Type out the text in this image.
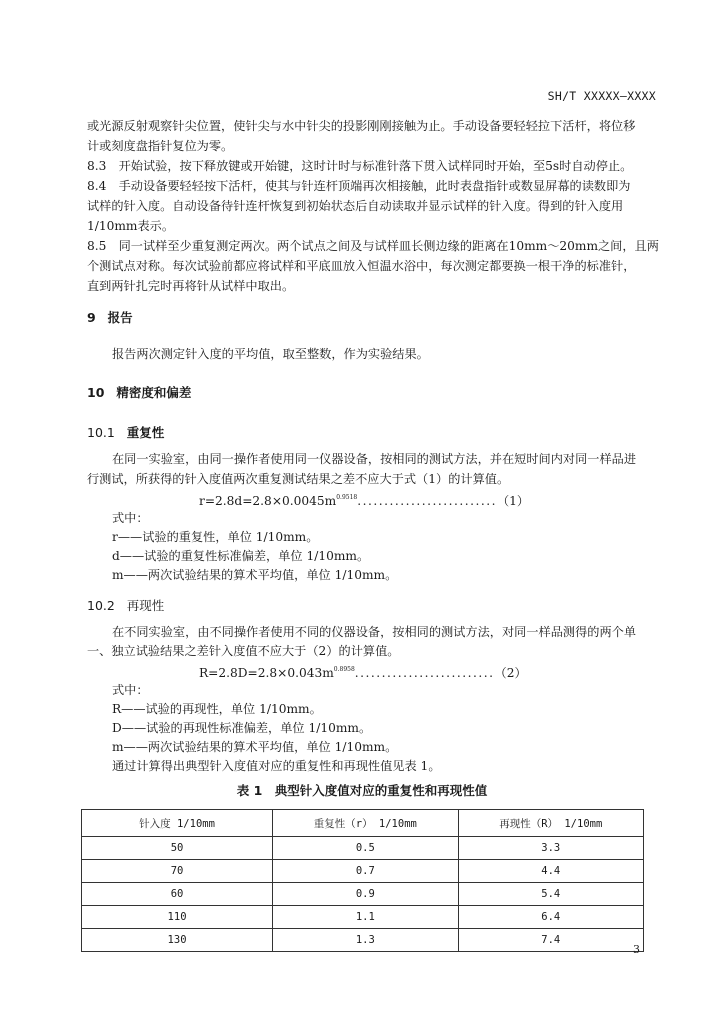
SH/T XXXXX—XXXX
或光源反射观察针尖位置，使针尖与水中针尖的投影刚刚接触为止。手动设备要轻轻拉下活杆，将位移
计或刻度盘指针复位为零。
8.3　开始试验，按下释放键或开始键，这时计时与标准针落下贯入试样同时开始，至5s时自动停止。
8.4　手动设备要轻轻按下活杆，使其与针连杆顶端再次相接触，此时表盘指针或数显屏幕的读数即为
试样的针入度。自动设备待针连杆恢复到初始状态后自动读取并显示试样的针入度。得到的针入度用
1/10mm表示。
8.5　同一试样至少重复测定两次。两个试点之间及与试样皿长侧边缘的距离在10mm～20mm之间，且两
个测试点对称。每次试验前都应将试样和平底皿放入恒温水浴中，每次测定都要换一根干净的标准针，
直到两针扎完时再将针从试样中取出。
9 报告
报告两次测定针入度的平均值，取至整数，作为实验结果。
10 精密度和偏差
10.1 重复性
在同一实验室，由同一操作者使用同一仪器设备，按相同的测试方法，并在短时间内对同一样品进
行测试，所获得的针入度值两次重复测试结果之差不应大于式（1）的计算值。
$r=2.8d=2.8\times 0.0045m^{0.9518}..........................(1)$
式中：
r——试验的重复性，单位 1/10mm。
d——试验的重复性标准偏差，单位 1/10mm。
m——两次试验结果的算术平均值，单位 1/10mm。
10.2 再现性
在不同实验室，由不同操作者使用不同的仪器设备，按相同的测试方法，对同一样品测得的两个单
一、独立试验结果之差针入度值不应大于（2）的计算值。
$R=2.8D=2.8\times 0.043m^{0.8958}..........................(2)$
式中：
R——试验的再现性，单位 1/10mm。
D——试验的再现性标准偏差，单位 1/10mm。
m——两次试验结果的算术平均值，单位 1/10mm。
通过计算得出典型针入度值对应的重复性和再现性值见表 1。
表 1　典型针入度值对应的重复性和再现性值
针入度 1/10mm	重复性（r） 1/10mm	再现性（R） 1/10mm
50	0.5	3.3
70	0.7	4.4
60	0.9	5.4
110	1.1	6.4
130	1.3	7.4
3
